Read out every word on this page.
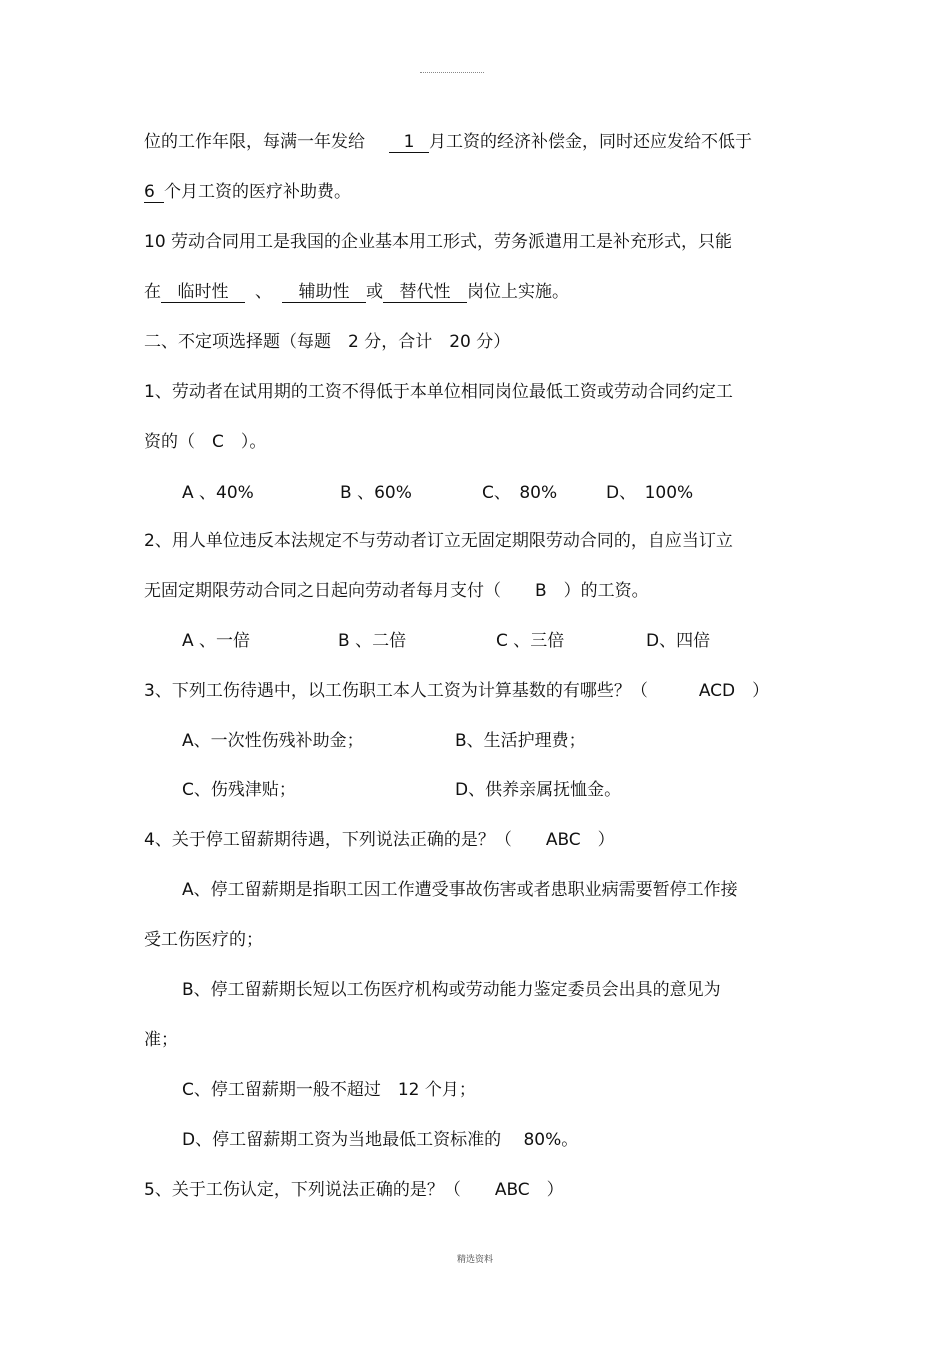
位的工作年限，每满一年发给 1 月工资的经济补偿金，同时还应发给不低于
6 个月工资的医疗补助费。
10 劳动合同用工是我国的企业基本用工形式，劳务派遣用工是补充形式，只能
在 临时性 、 辅助性 或 替代性 岗位上实施。
二、不定项选择题（每题　2 分，合计　20 分）
1、劳动者在试用期的工资不得低于本单位相同岗位最低工资或劳动合同约定工
资的（　C　）。
A 、40%	B 、60%	C、　80%	D、　100%
2、用人单位违反本法规定不与劳动者订立无固定期限劳动合同的，自应当订立
无固定期限劳动合同之日起向劳动者每月支付（　　B　）的工资。
A 、一倍	B 、二倍	C 、三倍	D、四倍
3、下列工伤待遇中，以工伤职工本人工资为计算基数的有哪些？（　　　ACD　）
A、一次性伤残补助金；	B、生活护理费；
C、伤残津贴；	D、供养亲属抚恤金。
4、关于停工留薪期待遇，下列说法正确的是？（　　ABC　）
A、停工留薪期是指职工因工作遭受事故伤害或者患职业病需要暂停工作接
受工伤医疗的；
B、停工留薪期长短以工伤医疗机构或劳动能力鉴定委员会出具的意见为
准；
C、停工留薪期一般不超过　12 个月；
D、停工留薪期工资为当地最低工资标准的　 80%。
5、关于工伤认定，下列说法正确的是？（　　ABC　）
精选资料
